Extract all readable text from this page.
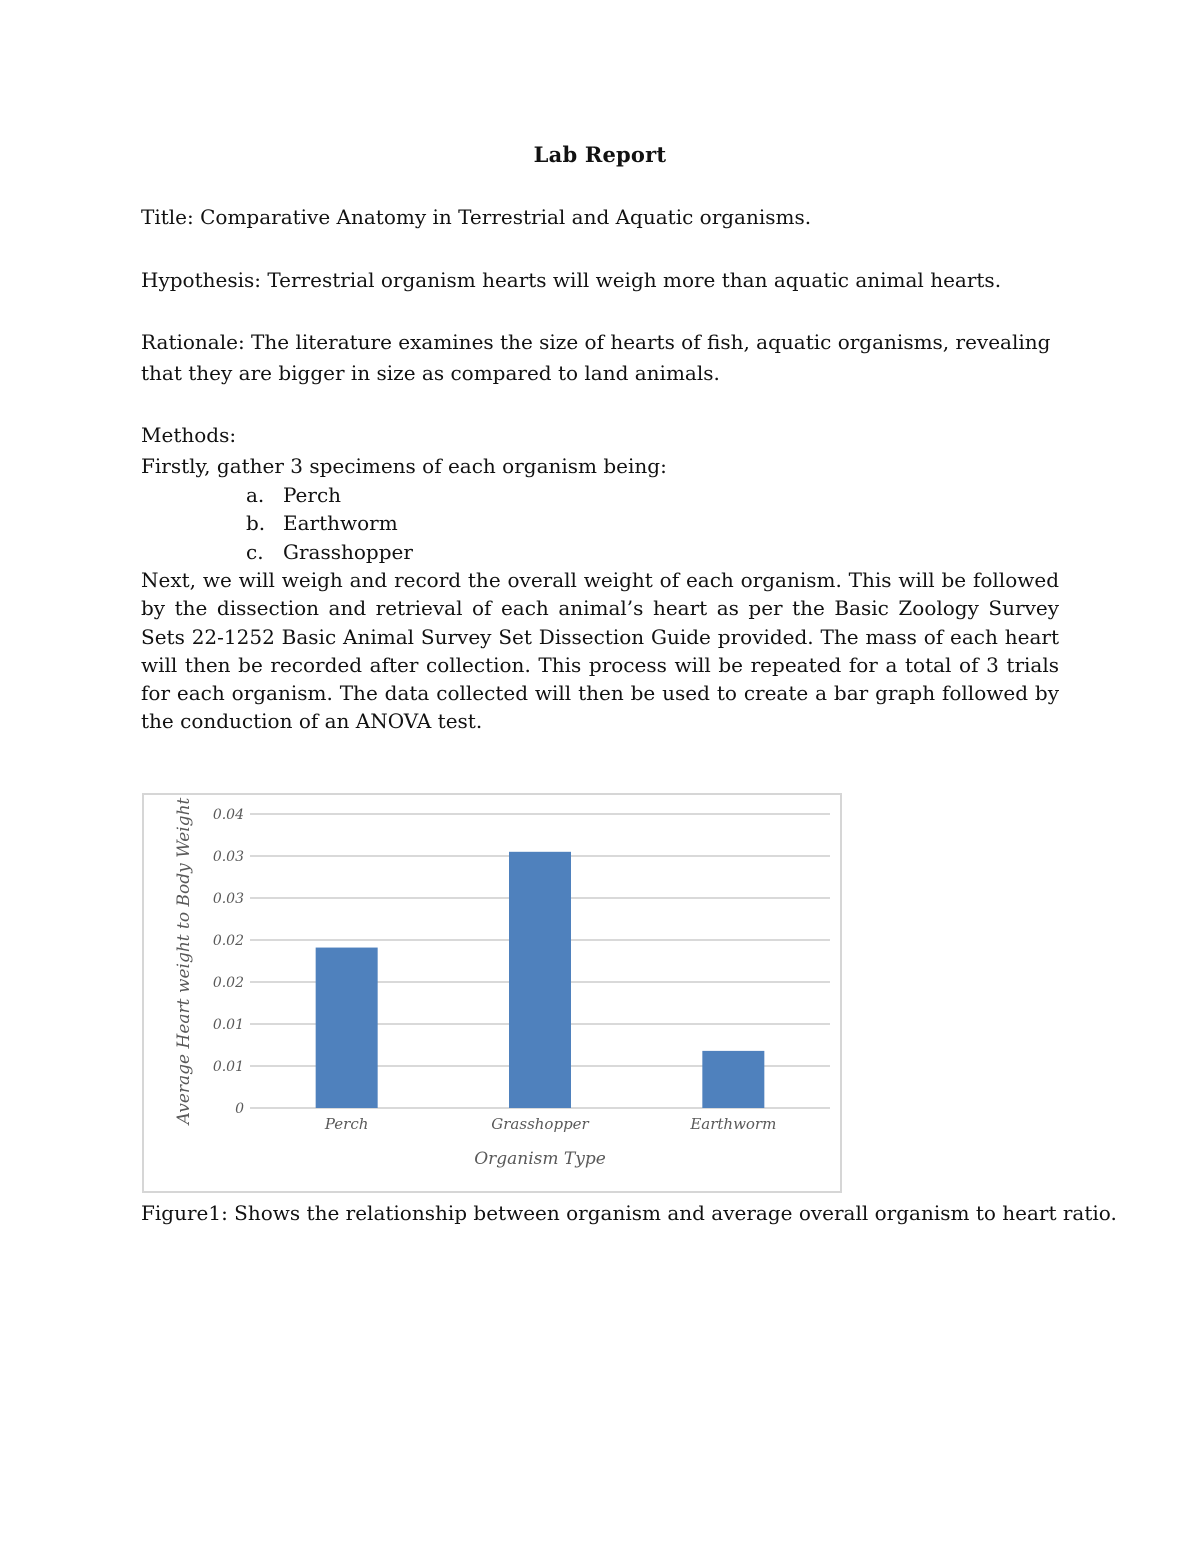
Lab Report

Title: Comparative Anatomy in Terrestrial and Aquatic organisms.

Hypothesis: Terrestrial organism hearts will weigh more than aquatic animal hearts.

Rationale: The literature examines the size of hearts of fish, aquatic organisms, revealing that they are bigger in size as compared to land animals.

Methods:

Firstly, gather 3 specimens of each organism being:

a. Perch
b. Earthworm
c. Grasshopper

Next, we will weigh and record the overall weight of each organism. This will be followed by the dissection and retrieval of each animal’s heart as per the Basic Zoology Survey Sets 22-1252 Basic Animal Survey Set Dissection Guide provided. The mass of each heart will then be recorded after collection. This process will be repeated for a total of 3 trials for each organism. The data collected will then be used to create a bar graph followed by the conduction of an ANOVA test.

0
0.01
0.01
0.02
0.02
0.03
0.03
0.04
Perch	Grasshopper	Earthworm
Organism Type
Average Heart weight to Body Weight

Figure1: Shows the relationship between organism and average overall organism to heart ratio.
